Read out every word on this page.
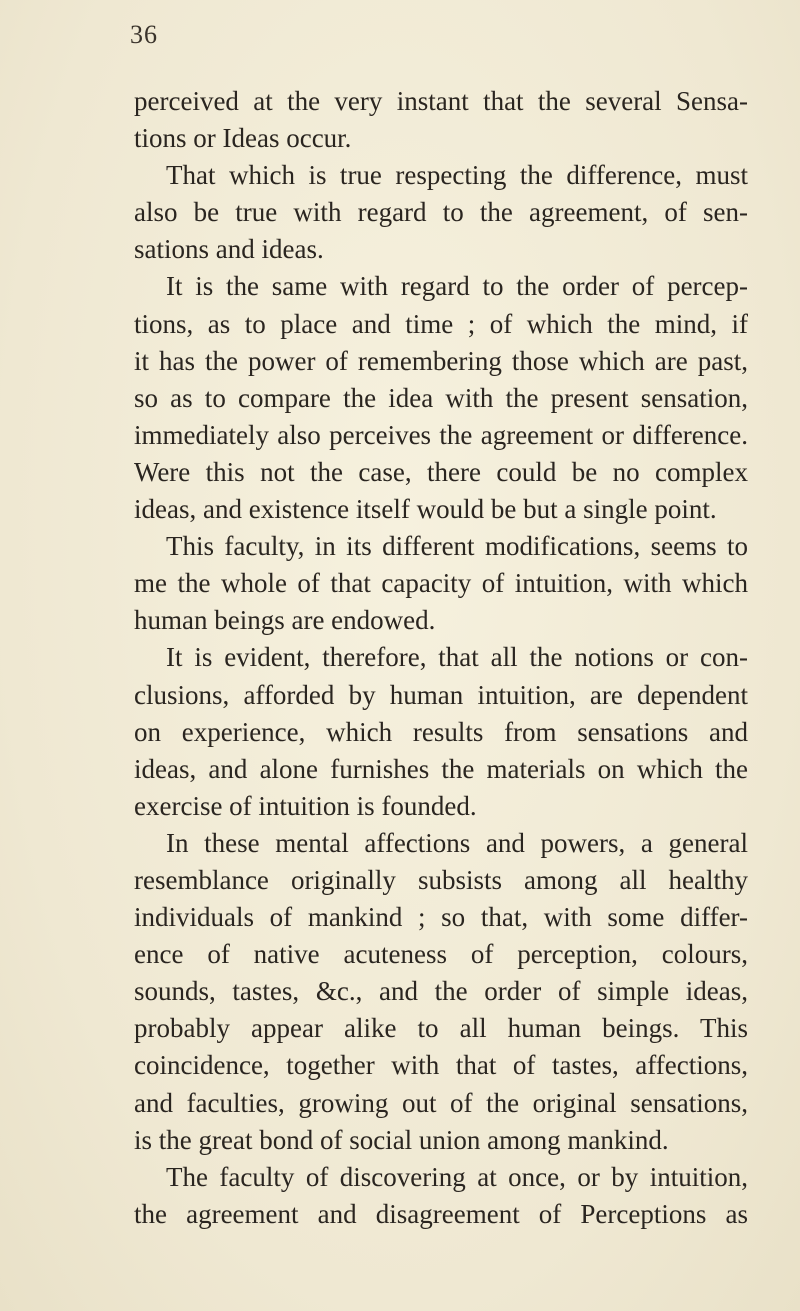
36
perceived at the very instant that the several Sensa-
tions or Ideas occur.
That which is true respecting the difference, must
also be true with regard to the agreement, of sen-
sations and ideas.
It is the same with regard to the order of percep-
tions, as to place and time ; of which the mind, if
it has the power of remembering those which are past,
so as to compare the idea with the present sensation,
immediately also perceives the agreement or difference.
Were this not the case, there could be no complex
ideas, and existence itself would be but a single point.
This faculty, in its different modifications, seems to
me the whole of that capacity of intuition, with which
human beings are endowed.
It is evident, therefore, that all the notions or con-
clusions, afforded by human intuition, are dependent
on experience, which results from sensations and
ideas, and alone furnishes the materials on which the
exercise of intuition is founded.
In these mental affections and powers, a general
resemblance originally subsists among all healthy
individuals of mankind ; so that, with some differ-
ence of native acuteness of perception, colours,
sounds, tastes, &c., and the order of simple ideas,
probably appear alike to all human beings. This
coincidence, together with that of tastes, affections,
and faculties, growing out of the original sensations,
is the great bond of social union among mankind.
The faculty of discovering at once, or by intuition,
the agreement and disagreement of Perceptions as
